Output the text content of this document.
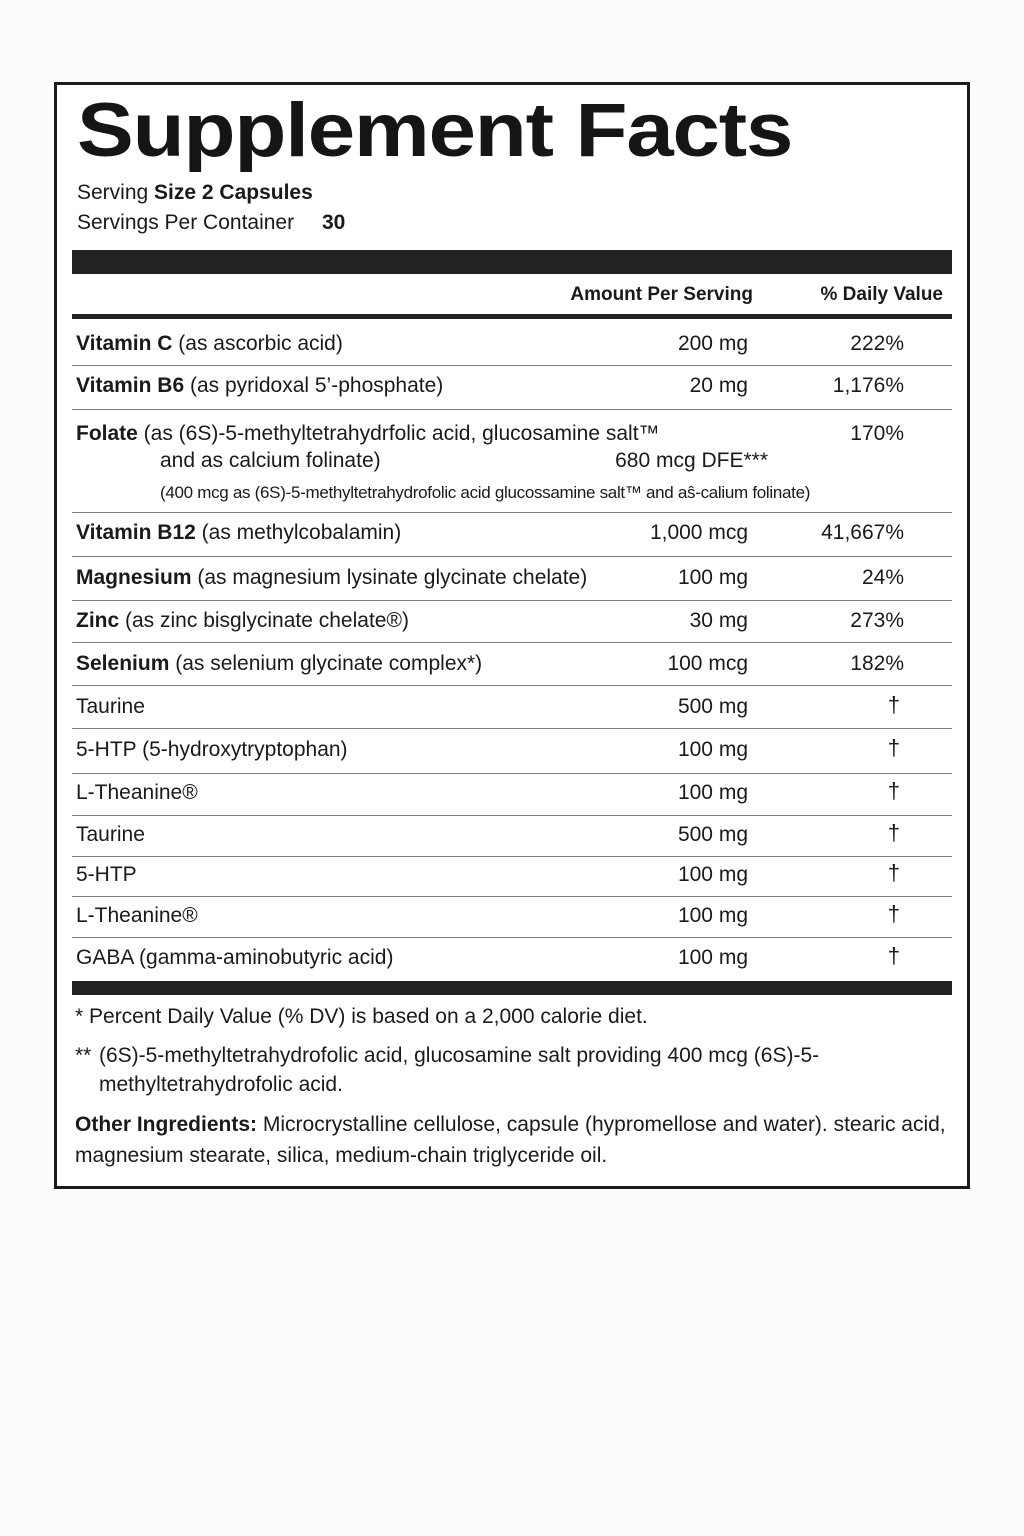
Supplement Facts
Serving Size 2 Capsules
Servings Per Container 30
Amount Per Serving	% Daily Value
Vitamin C (as ascorbic acid)	200 mg	222%
Vitamin B6 (as pyridoxal 5’-phosphate)	20 mg	1,176%
Folate (as (6S)-5-methyltetrahydrfolic acid, glucosamine salt™	170%
and as calcium folinate)	680 mcg DFE***
(400 mcg as (6S)-5-methyltetrahydrofolic acid glucossamine salt™ and aŝ-calium folinate)
Vitamin B12 (as methylcobalamin)	1,000 mcg	41,667%
Magnesium (as magnesium lysinate glycinate chelate)	100 mg	24%
Zinc (as zinc bisglycinate chelate®)	30 mg	273%
Selenium (as selenium glycinate complex*)	100 mcg	182%
Taurine	500 mg	†
5-HTP (5-hydroxytryptophan)	100 mg	†
L-Theanine®	100 mg	†
Taurine	500 mg	†
5-HTP	100 mg	†
L-Theanine®	100 mg	†
GABA (gamma-aminobutyric acid)	100 mg	†
* Percent Daily Value (% DV) is based on a 2,000 calorie diet.
** (6S)-5-methyltetrahydrofolic acid, glucosamine salt providing 400 mcg (6S)-5-methyltetrahydrofolic acid.
Other Ingredients: Microcrystalline cellulose, capsule (hypromellose and water). stearic acid, magnesium stearate, silica, medium-chain triglyceride oil.
